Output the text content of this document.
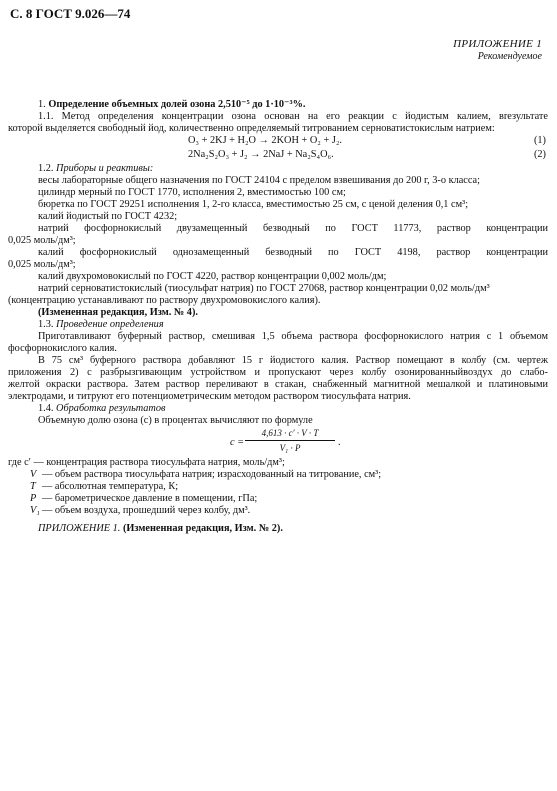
С. 8 ГОСТ 9.026—74
ПРИЛОЖЕНИЕ 1
Рекомендуемое

1. Определение объемных долей озона 2,510⁻⁵ до 1·10⁻³%.

1.1. Метод определения концентрации озона основан на его реакции с йодистым калием, вrезультате

которой выделяется свободный йод, количественно определяемый титрованием серноватистокислым натрием:

O₃ + 2KJ + H₂O → 2KOH + O₂ + J₂.	(1)
2Na₂S₂O₃ + J₂ → 2NaJ + Na₂S₄O₆.	(2)

1.2. Приборы и реактивы:

весы лабораторные общего назначения по ГОСТ 24104 с пределом взвешивания до 200 г, 3-о класса;

цилиндр мерный по ГОСТ 1770, исполнения 2, вместимостью 100 см;

бюретка по ГОСТ 29251 исполнения 1, 2-го класса, вместимостью 25 см, с ценой деления 0,1 см³;

калий йодистый по ГОСТ 4232;

натрий фосфорнокислый двузамещенный безводный по ГОСТ 11773, раствор концентрации

0,025 моль/дм³;

калий фосфорнокислый однозамещенный безводный по ГОСТ 4198, раствор концентрации

0,025 моль/дм³;

калий двухромовокислый по ГОСТ 4220, раствор концентрации 0,002 моль/дм;

натрий серноватистокислый (тиосульфат натрия) по ГОСТ 27068, раствор концентрации 0,02 моль/дм³

(концентрацию устанавливают по раствору двухромовокислого калия).

(Измененная редакция, Изм. № 4).

1.3. Проведение определения

Приготавливают буферный раствор, смешивая 1,5 объема раствора фосфорнокислого натрия с 1 объемом

фосфорнокислого калия.

В 75 см³ буферного раствора добавляют 15 г йодистого калия. Раствор помещают в колбу (см. чертеж

приложения 2) с разбрызгивающим устройством и пропускают через колбу озонированныйвоздух до слабо-

желтой окраски раствора. Затем раствор переливают в стакан, снабженный магнитной мешалкой и платиновыми

электродами, и титруют его потенциометрическим методом раствором тиосульфата натрия.

1.4. Обработка результатов

Объемную долю озона (c) в процентах вычисляют по формуле

$c = \frac{4,613 \cdot c' \cdot V \cdot T}{\text{V₁ · P}}$ .
где c′ — концентрация раствора тиосульфата натрия, моль/дм³;
V — объем раствора тиосульфата натрия; израсходованный на титрование, см³;
T — абсолютная температура, К;
P — барометрическое давление в помещении, гПа;
V₁ — объем воздуха, прошедший через колбу, дм³.

ПРИЛОЖЕНИЕ 1. (Измененная редакция, Изм. № 2).
